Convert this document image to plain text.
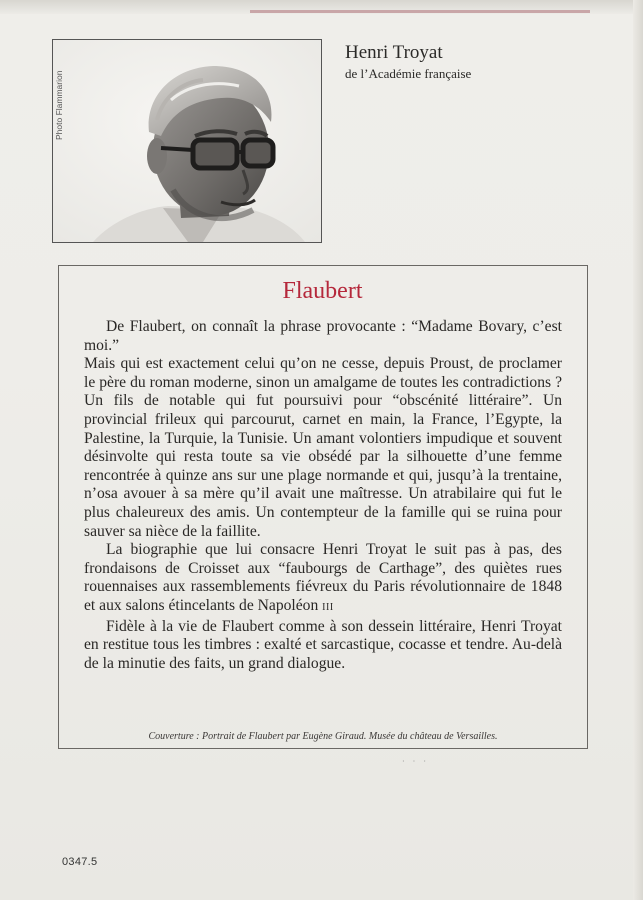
Photo Flammarion
Henri Troyat
de l’Académie française
Flaubert

De Flaubert, on connaît la phrase provocante : “Madame Bovary, c’est moi.”

Mais qui est exactement celui qu’on ne cesse, depuis Proust, de proclamer le père du roman moderne, sinon un amalgame de toutes les contradictions ? Un fils de notable qui fut poursuivi pour “obscénité littéraire”. Un provincial frileux qui parcourut, carnet en main, la France, l’Egypte, la Palestine, la Turquie, la Tunisie. Un amant volontiers impudique et souvent désinvolte qui resta toute sa vie obsédé par la silhouette d’une femme rencontrée à quinze ans sur une plage normande et qui, jusqu’à la trentaine, n’osa avouer à sa mère qu’il avait une maîtresse. Un atrabilaire qui fut le plus chaleureux des amis. Un contempteur de la famille qui se ruina pour sauver sa nièce de la faillite.

La biographie que lui consacre Henri Troyat le suit pas à pas, des frondaisons de Croisset aux “faubourgs de Carthage”, des quiètes rues rouennaises aux rassemblements fiévreux du Paris révolutionnaire de 1848 et aux salons étincelants de Napoléon III

Fidèle à la vie de Flaubert comme à son dessein littéraire, Henri Troyat en restitue tous les timbres : exalté et sarcastique, cocasse et tendre. Au-delà de la minutie des faits, un grand dialogue.

Couverture : Portrait de Flaubert par Eugène Giraud. Musée du château de Versailles.
· · ·
0347.5
